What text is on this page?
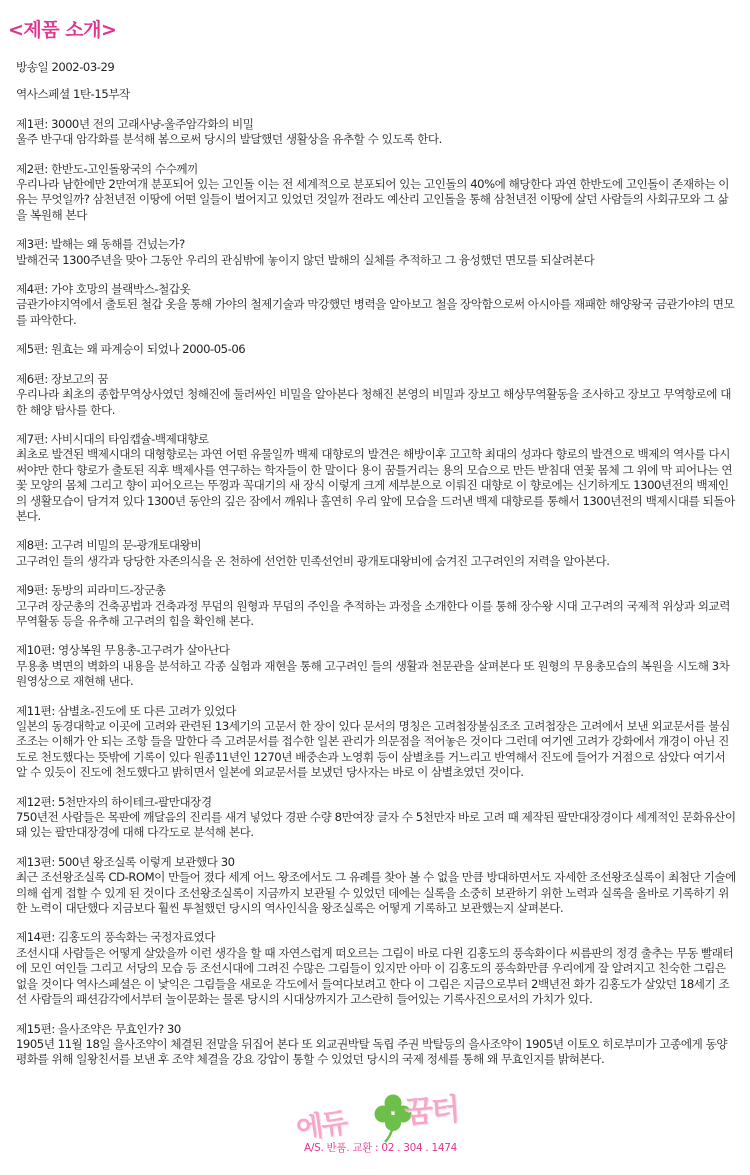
<제품 소개>

방송일 2002-03-29

역사스페셜 1탄-15부작

제1편: 3000년 전의 고래사냥-울주암각화의 비밀

울주 반구대 암각화를 분석해 봄으로써 당시의 발달했던 생활상을 유추할 수 있도록 한다.

제2편: 한반도-고인돌왕국의 수수께끼

우리나라 남한에만 2만여개 분포되어 있는 고인돌 이는 전 세계적으로 분포되어 있는 고인돌의 40%에 해당한다 과연 한반도에 고인돌이 존재하는 이유는 무엇일까? 삼천년전 이땅에 어떤 일들이 벌어지고 있었던 것일까 전라도 예산리 고인돌을 통해 삼천년전 이땅에 살던 사람들의 사회규모와 그 삶을 복원해 본다

제3편: 발해는 왜 동해를 건넜는가?

발해건국 1300주년을 맞아 그동안 우리의 관심밖에 놓이지 않던 발해의 실체를 추적하고 그 융성했던 면모를 되살려본다

제4편: 가야 호망의 블랙박스-철갑옷

금관가야지역에서 출토된 철갑 옷을 통해 가야의 철제기술과 막강했던 병력을 알아보고 철을 장악함으로써 아시아를 재패한 해양왕국 금관가야의 면모를 파악한다.

제5편: 원효는 왜 파계승이 되었나 2000-05-06

제6편: 장보고의 꿈

우리나라 최초의 종합무역상사였던 청해진에 둘러싸인 비밀을 알아본다 청해진 본영의 비밀과 장보고 해상무역활동을 조사하고 장보고 무역항로에 대한 해양 탐사를 한다.

제7편: 사비시대의 타임캡슐-백제대향로

최초로 발견된 백제시대의 대형향로는 과연 어떤 유물일까 백제 대향로의 발견은 해방이후 고고학 최대의 성과다 향로의 발견으로 백제의 역사를 다시 써야만 한다 향로가 출토된 직후 백제사를 연구하는 학자들이 한 말이다 용이 꿈틀거리는 용의 모습으로 만든 받침대 연꽃 몸체 그 위에 막 피어나는 연꽃 모양의 몸체 그리고 향이 피어오르는 뚜껑과 꼭대기의 새 장식 이렇게 크게 세부분으로 이뤄진 대향로 이 향로에는 신기하게도 1300년전의 백제인의 생활모습이 담겨져 있다 1300년 동안의 깊은 잠에서 깨워나 홀연히 우리 앞에 모습을 드러낸 백제 대향로를 통해서 1300년전의 백제시대를 되돌아본다.

제8편: 고구려 비밀의 문-광개토대왕비

고구려인 들의 생각과 당당한 자존의식을 온 천하에 선언한 민족선언비 광개토대왕비에 숨겨진 고구려인의 저력을 알아본다.

제9편: 동방의 피라미드-장군총

고구려 장군총의 건축공법과 건축과정 무덤의 원형과 무덤의 주인을 추적하는 과정을 소개한다 이를 통해 장수왕 시대 고구려의 국제적 위상과 외교력 무역활동 등을 유추해 고구려의 힘을 확인해 본다.

제10편: 영상복원 무용총-고구려가 살아난다

무용총 벽면의 벽화의 내용을 분석하고 각종 실험과 재현을 통해 고구려인 들의 생활과 천문관을 살펴본다 또 원형의 무용총모습의 복원을 시도해 3차원영상으로 재현해 낸다.

제11편: 삼별초-진도에 또 다른 고려가 있었다

일본의 동경대학교 이곳에 고려와 관련된 13세기의 고문서 한 장이 있다 문서의 명칭은 고려첩장불심조조 고려첩장은 고려에서 보낸 외교문서를 불심조조는 이해가 안 되는 조항 들을 말한다 즉 고려문서를 접수한 일본 관리가 의문점을 적어놓은 것이다 그런데 여기엔 고려가 강화에서 개경이 아닌 진도로 천도했다는 뜻밖에 기록이 있다 원종11년인 1270년 배중손과 노영휘 등이 삼별초를 거느리고 반역해서 진도에 들어가 거점으로 삼았다 여기서 알 수 있듯이 진도에 천도했다고 밝히면서 일본에 외교문서를 보냈던 당사자는 바로 이 삼별초였던 것이다.

제12편: 5천만자의 하이테크-팔만대장경

750년전 사람들은 목판에 깨달음의 진리를 새겨 넣었다 경판 수량 8만여장 글자 수 5천만자 바로 고려 때 제작된 팔만대장경이다 세계적인 문화유산이 돼 있는 팔만대장경에 대해 다각도로 분석해 본다.

제13편: 500년 왕조실록 이렇게 보관했다 30

최근 조선왕조실록 CD-ROM이 만들어 졌다 세계 어느 왕조에서도 그 유례를 찾아 볼 수 없을 만큼 방대하면서도 자세한 조선왕조실록이 최첨단 기술에 의해 쉽게 접할 수 있게 된 것이다 조선왕조실록이 지금까지 보관될 수 있었던 데에는 실록을 소중히 보관하기 위한 노력과 실록을 올바로 기록하기 위한 노력이 대단했다 지금보다 훨씬 투철했던 당시의 역사인식을 왕조실록은 어떻게 기록하고 보관했는지 살펴본다.

제14편: 김홍도의 풍속화는 국정자료였다

조선시대 사람들은 어떻게 살았을까 이런 생각을 할 때 자연스럽게 떠오르는 그림이 바로 다윈 김홍도의 풍속화이다 씨름판의 정경 출추는 무동 빨래터에 모인 여인들 그리고 서당의 모습 등 조선시대에 그려진 수많은 그림들이 있지만 아마 이 김홍도의 풍속화만큼 우리에게 잘 알려지고 친숙한 그림은 없을 것이다 역사스페셜은 이 낯익은 그림들을 새로운 각도에서 들여다보려고 한다 이 그림은 지금으로부터 2백년전 화가 김홍도가 살았던 18세기 조선 사람들의 패션감각에서부터 놀이문화는 물론 당시의 시대상까지가 고스란히 들어있는 기록사진으로서의 가치가 있다.

제15편: 을사조약은 무효인가? 30

1905년 11월 18일 을사조약이 체결된 전말을 뒤집어 본다 또 외교권박탈 독립 주권 박탈등의 을사조약이 1905년 이토오 히로부미가 고종에게 동양 평화를 위해 일왕친서를 보낸 후 조약 체결을 강요 강압이 통할 수 있었던 당시의 국제 정세를 통해 왜 무효인지를 밝혀본다.

에듀 꿈터
A/S. 반품. 교환 : 02 . 304 . 1474
